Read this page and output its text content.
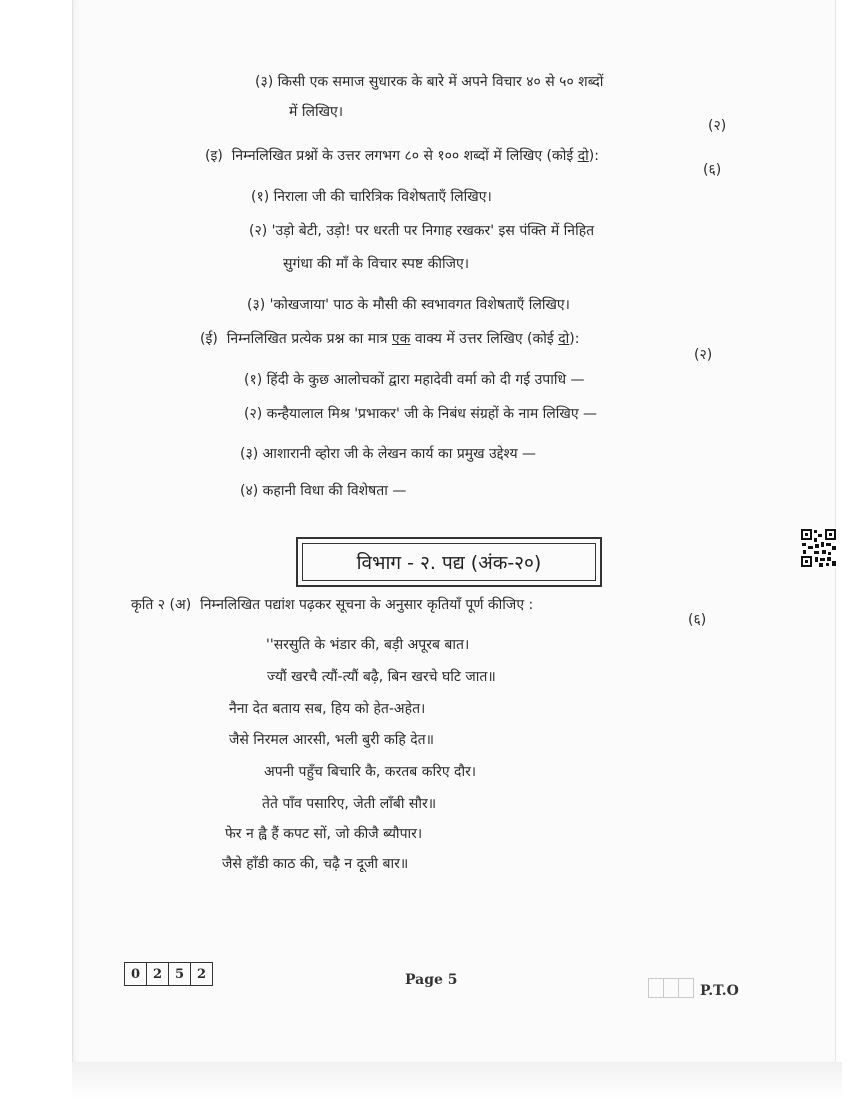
(३) किसी एक समाज सुधारक के बारे में अपने विचार ४० से ५० शब्दों
में लिखिए।
(२)
(इ) निम्नलिखित प्रश्नों के उत्तर लगभग ८० से १०० शब्दों में लिखिए (कोई दो):
(६)
(१) निराला जी की चारित्रिक विशेषताएँ लिखिए।
(२) 'उड़ो बेटी, उड़ो! पर धरती पर निगाह रखकर' इस पंक्ति में निहित
सुगंधा की माँ के विचार स्पष्ट कीजिए।
(३) 'कोखजाया' पाठ के मौसी की स्वभावगत विशेषताएँ लिखिए।
(ई) निम्नलिखित प्रत्येक प्रश्न का मात्र एक वाक्य में उत्तर लिखिए (कोई दो):
(२)
(१) हिंदी के कुछ आलोचकों द्वारा महादेवी वर्मा को दी गई उपाधि —
(२) कन्हैयालाल मिश्र 'प्रभाकर' जी के निबंध संग्रहों के नाम लिखिए —
(३) आशारानी व्होरा जी के लेखन कार्य का प्रमुख उद्देश्य —
(४) कहानी विधा की विशेषता —
विभाग - २. पद्य (अंक-२०)
कृति २ (अ) निम्नलिखित पद्यांश पढ़कर सूचना के अनुसार कृतियाँ पूर्ण कीजिए :
(६)
''सरसुति के भंडार की, बड़ी अपूरब बात।
ज्यौं खरचै त्यौं-त्यौं बढ़ै, बिन खरचे घटि जात॥
नैना देत बताय सब, हिय को हेत-अहेत।
जैसे निरमल आरसी, भली बुरी कहि देत॥
अपनी पहुँच बिचारि कै, करतब करिए दौर।
तेते पाँव पसारिए, जेती लाँबी सौर॥
फेर न ह्वै हैं कपट सों, जो कीजै ब्यौपार।
जैसे हाँडी काठ की, चढ़ै न दूजी बार॥
0 2 5 2	Page 5
P.T.O
